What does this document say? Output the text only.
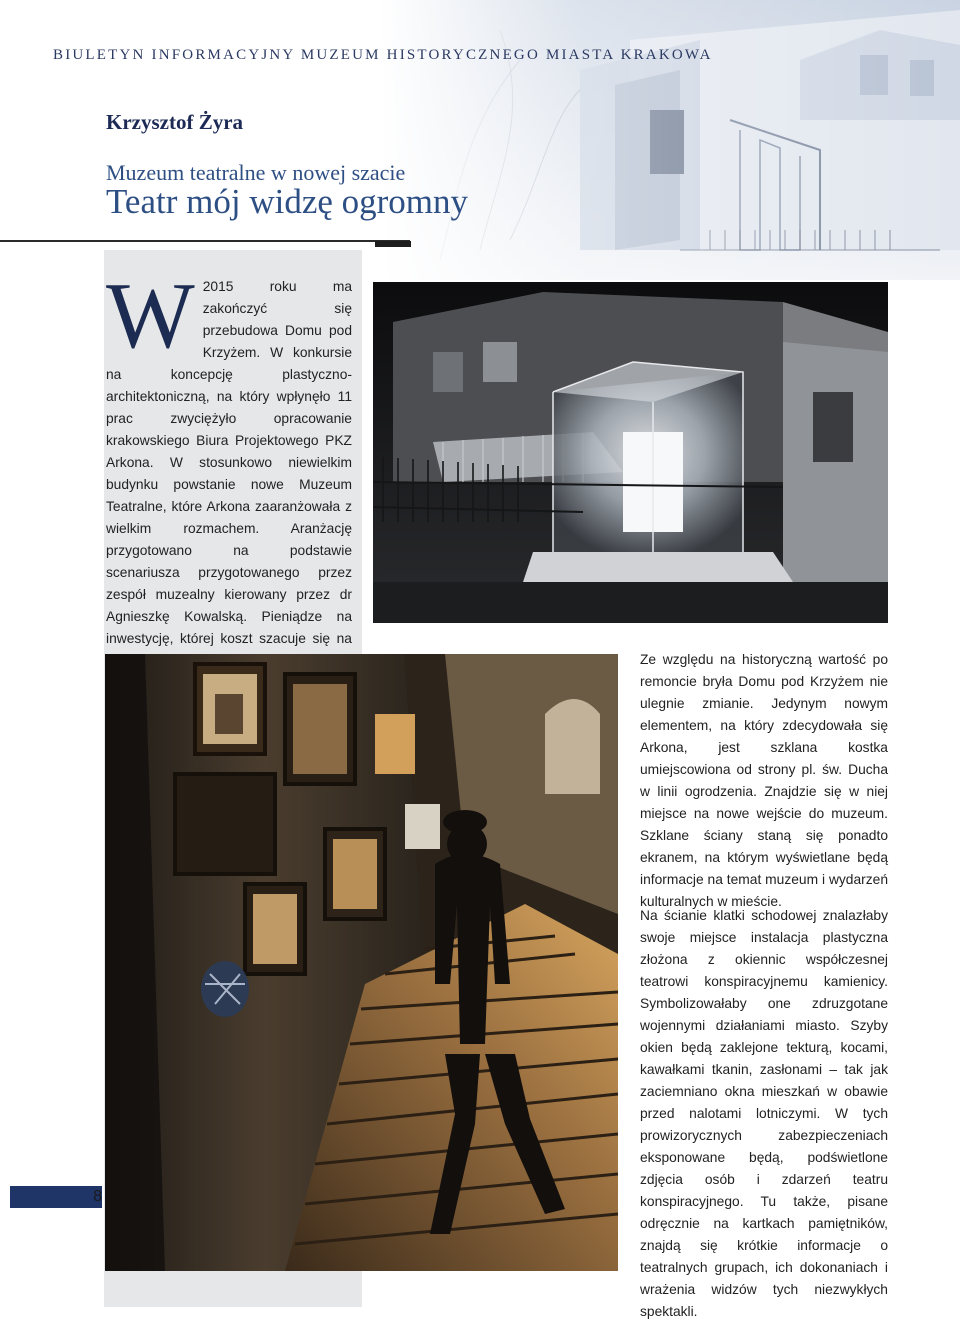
BIULETYN INFORMACYJNY MUZEUM HISTORYCZNEGO MIASTA KRAKOWA
Krzysztof Żyra
Muzeum teatralne w nowej szacie
Teatr mój widzę ogromny
W 2015 roku ma zakończyć się przebudowa Domu pod Krzyżem. W konkursie na koncepcję plastyczno-architektoniczną, na który wpłynęło 11 prac zwyciężyło opracowanie krakowskiego Biura Projektowego PKZ Arkona. W stosunkowo niewielkim budynku powstanie nowe Muzeum Teatralne, które Arkona zaaranżowała z wielkim rozmachem. Aranżację przygotowano na podstawie scenariusza przygotowanego przez zespół muzealny kierowany przez dr Agnieszkę Kowalską. Pieniądze na inwestycję, której koszt szacuje się na
Ze względu na historyczną wartość po remoncie bryła Domu pod Krzyżem nie ulegnie zmianie. Jedynym nowym elementem, na który zdecydowała się Arkona, jest szklana kostka umiejscowiona od strony pl. św. Ducha w linii ogrodzenia. Znajdzie się w niej miejsce na nowe wejście do muzeum. Szklane ściany staną się ponadto ekranem, na którym wyświetlane będą informacje na temat muzeum i wydarzeń kulturalnych w mieście.
Na ścianie klatki schodowej znalazłaby swoje miejsce instalacja plastyczna złożona z okiennic współczesnej teatrowi konspiracyjnemu kamienicy. Symbolizowałaby one zdruzgotane wojennymi działaniami miasto. Szyby okien będą zaklejone tekturą, kocami, kawałkami tkanin, zasłonami – tak jak zaciemniano okna mieszkań w obawie przed nalotami lotniczymi. W tych prowizorycznych zabezpieczeniach eksponowane będą, podświetlone zdjęcia osób i zdarzeń teatru konspiracyjnego. Tu także, pisane odręcznie na kartkach pamiętników, znajdą się krótkie informacje o teatralnych grupach, ich dokonaniach i wrażenia widzów tych niezwykłych spektakli.
8
